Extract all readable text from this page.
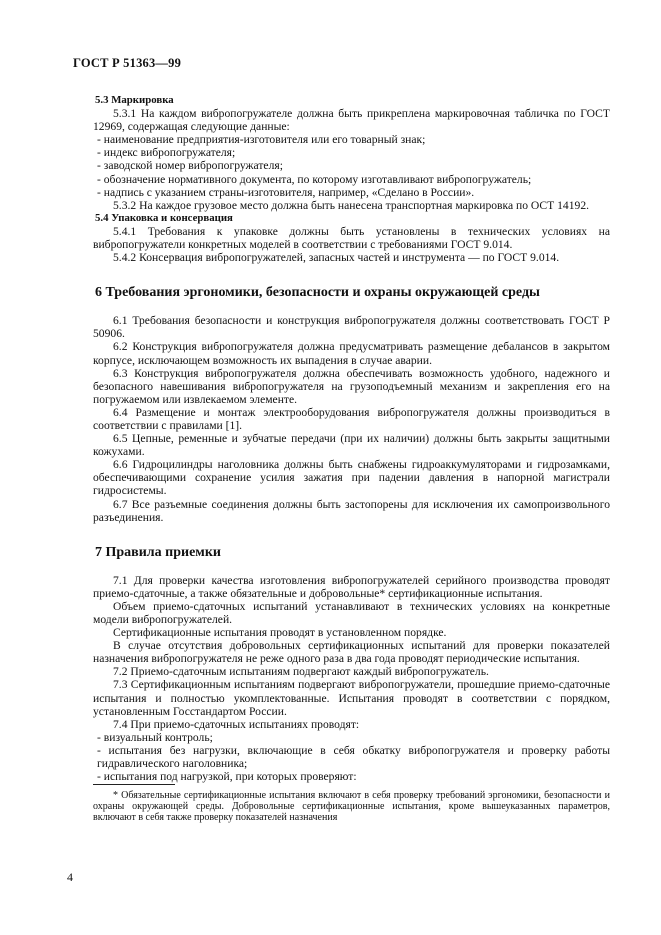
ГОСТ Р 51363—99

5.3 Маркировка

5.3.1 На каждом вибропогружателе должна быть прикреплена маркировочная табличка по ГОСТ 12969, содержащая следующие данные:

- наименование предприятия-изготовителя или его товарный знак;

- индекс вибропогружателя;

- заводской номер вибропогружателя;

- обозначение нормативного документа, по которому изготавливают вибропогружатель;

- надпись с указанием страны-изготовителя, например, «Сделано в России».

5.3.2 На каждое грузовое место должна быть нанесена транспортная маркировка по ОСТ 14192.

5.4 Упаковка и консервация

5.4.1 Требования к упаковке должны быть установлены в технических условиях на вибропогружатели конкретных моделей в соответствии с требованиями ГОСТ 9.014.

5.4.2 Консервация вибропогружателей, запасных частей и инструмента — по ГОСТ 9.014.

6 Требования эргономики, безопасности и охраны окружающей среды

6.1 Требования безопасности и конструкция вибропогружателя должны соответствовать ГОСТ Р 50906.

6.2 Конструкция вибропогружателя должна предусматривать размещение дебалансов в закрытом корпусе, исключающем возможность их выпадения в случае аварии.

6.3 Конструкция вибропогружателя должна обеспечивать возможность удобного, надежного и безопасного навешивания вибропогружателя на грузоподъемный механизм и закрепления его на погружаемом или извлекаемом элементе.

6.4 Размещение и монтаж электрооборудования вибропогружателя должны производиться в соответствии с правилами [1].

6.5 Цепные, ременные и зубчатые передачи (при их наличии) должны быть закрыты защитными кожухами.

6.6 Гидроцилиндры наголовника должны быть снабжены гидроаккумуляторами и гидрозамками, обеспечивающими сохранение усилия зажатия при падении давления в напорной магистрали гидросистемы.

6.7 Все разъемные соединения должны быть застопорены для исключения их самопроизвольного разъединения.

7 Правила приемки

7.1 Для проверки качества изготовления вибропогружателей серийного производства проводят приемо-сдаточные, а также обязательные и добровольные* сертификационные испытания.

Объем приемо-сдаточных испытаний устанавливают в технических условиях на конкретные модели вибропогружателей.

Сертификационные испытания проводят в установленном порядке.

В случае отсутствия добровольных сертификационных испытаний для проверки показателей назначения вибропогружателя не реже одного раза в два года проводят периодические испытания.

7.2 Приемо-сдаточным испытаниям подвергают каждый вибропогружатель.

7.3 Сертификационным испытаниям подвергают вибропогружатели, прошедшие приемо-сдаточные испытания и полностью укомплектованные. Испытания проводят в соответствии с порядком, установленным Госстандартом России.

7.4 При приемо-сдаточных испытаниях проводят:

- визуальный контроль;

- испытания без нагрузки, включающие в себя обкатку вибропогружателя и проверку работы гидравлического наголовника;

- испытания под нагрузкой, при которых проверяют:

* Обязательные сертификационные испытания включают в себя проверку требований эргономики, безопасности и охраны окружающей среды. Добровольные сертификационные испытания, кроме вышеуказанных параметров, включают в себя также проверку показателей назначения
4
